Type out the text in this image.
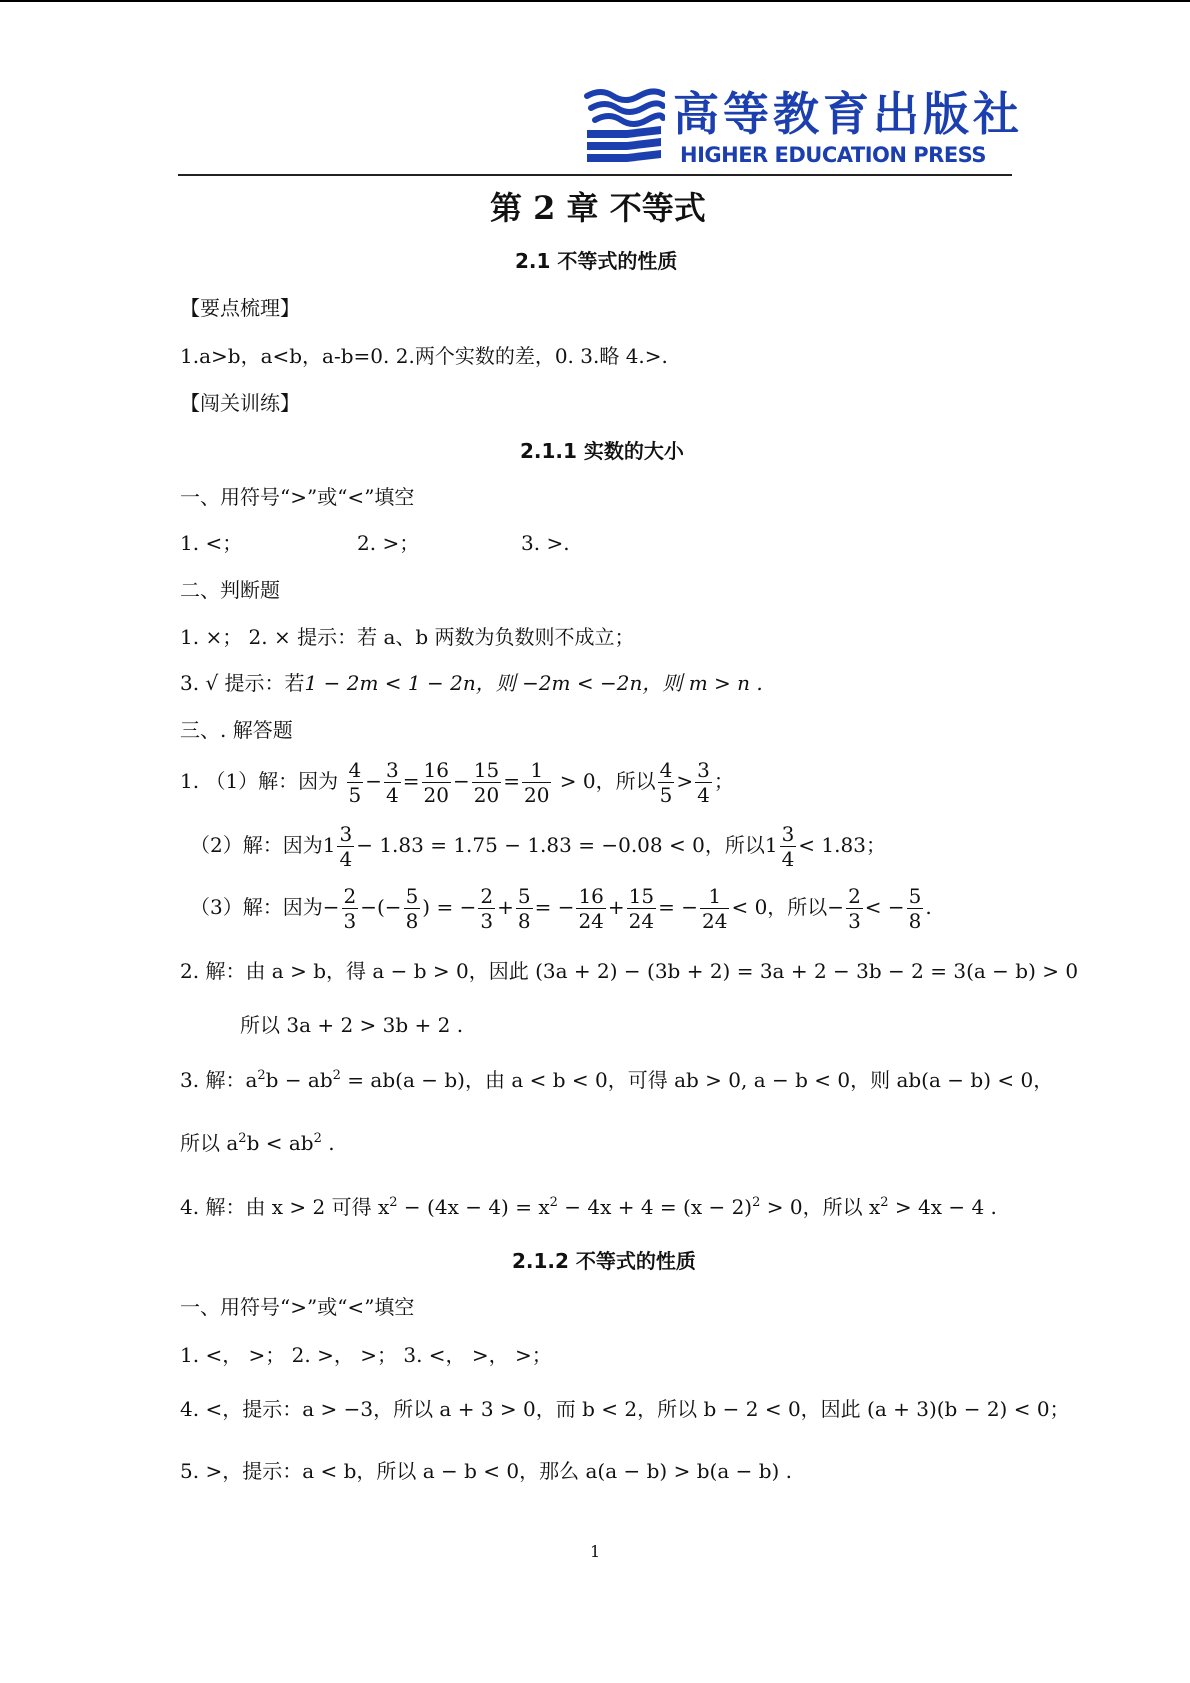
高等教育出版社
HIGHER EDUCATION PRESS
第 2 章 不等式
2.1 不等式的性质
【要点梳理】
1.a>b，a<b，a-b=0. 2.两个实数的差，0. 3.略 4.>.
【闯关训练】
2.1.1 实数的大小
一、用符号“>”或“<”填空
1. <；	2. >；	3. >.
二、判断题
1. ×； 2. × 提示：若 a、b 两数为负数则不成立；
3. √ 提示：若1 − 2m < 1 − 2n，则 −2m < −2n，则 m > n .
三、. 解答题
1. （1）解：因为 $\frac{4}{5} - \frac{3}{4} = \frac{16}{20} - \frac{15}{20} = \frac{1}{20} > 0$，所以 $\frac{4}{5} > \frac{3}{4}$ ；
（2）解：因为$1 \frac{3}{4} - 1.83 = 1.75 - 1.83 = -0.08 < 0$，所以$1 \frac{3}{4} < 1.83$；
（3）解：因为− $\frac{2}{3}$ −(− $\frac{5}{8}$ ) = − $\frac{2}{3} + \frac{5}{8}$ = − $\frac{16}{24} + \frac{15}{24}$ = − $\frac{1}{24} < 0$，所以− $\frac{2}{3}$ < − $\frac{5}{8}$ .
2. 解：由 a > b，得 a − b > 0，因此 (3a + 2) − (3b + 2) = 3a + 2 − 3b − 2 = 3(a − b) > 0
所以 3a + 2 > 3b + 2 .
3. 解：$a^2b - ab^2 = ab(a - b)$，由 a < b < 0，可得 ab > 0, a − b < 0，则 ab(a − b) < 0，
所以 $a^2b < ab^2$ .
4. 解：由 x > 2 可得 $x^2 - (4x - 4) = x^2 - 4x + 4 = (x - 2)^2 > 0$，所以 $x^2 > 4x - 4$ .
2.1.2 不等式的性质
一、用符号“>”或“<”填空
1. <， >； 2. >， >； 3. <， >， >；
4. <，提示：a > −3，所以 a + 3 > 0，而 b < 2，所以 b − 2 < 0，因此 (a + 3)(b − 2) < 0；
5. >，提示：a < b，所以 a − b < 0，那么 a(a − b) > b(a − b) .
1
